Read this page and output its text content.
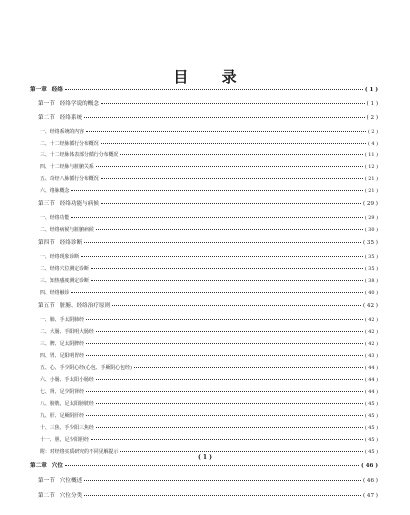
目 录
第一章 经络	( 1 )
第一节 经络学说的概念	( 1 )
第二节 经络系统	( 2 )
一、经络系统的内容	( 2 )
二、十二经脉循行分布概况	( 4 )
三、十二经脉体表部分循行分布概况	( 11 )
四、十二经脉与脏腑关系	( 12 )
五、奇经八脉循行分布概况	( 21 )
六、络脉概念	( 21 )
第三节 经络功能与病候	( 29 )
一、经络功能	( 29 )
二、经络病候与脏腑病候	( 30 )
第四节 经络诊断	( 35 )
一、经络现象诊断	( 35 )
二、经络穴位测定诊断	( 35 )
三、知热感度测定诊断	( 38 )
四、经络触诊	( 40 )
第五节 脏腑、经络治疗原则	( 42 )
一、肺、手太阴肺经	( 42 )
二、大肠、手阳明大肠经	( 42 )
三、脾、足太阴脾经	( 42 )
四、胃、足阳明胃经	( 43 )
五、心、手少阴心经(心包、手厥阴心包经)	( 44 )
六、小肠、手太阳小肠经	( 44 )
七、肾、足少阴肾经	( 44 )
八、膀胱、足太阳膀胱经	( 45 )
九、肝、足厥阴肝经	( 45 )
十、三焦、手少阳三焦经	( 45 )
十一、胆、足少阳胆经	( 45 )
附：对经络实质研究的不同见解提示	( 45 )
第二章 穴位	( 46 )
第一节 穴位概述	( 46 )
第二节 穴位分类	( 47 )
( 1 )
